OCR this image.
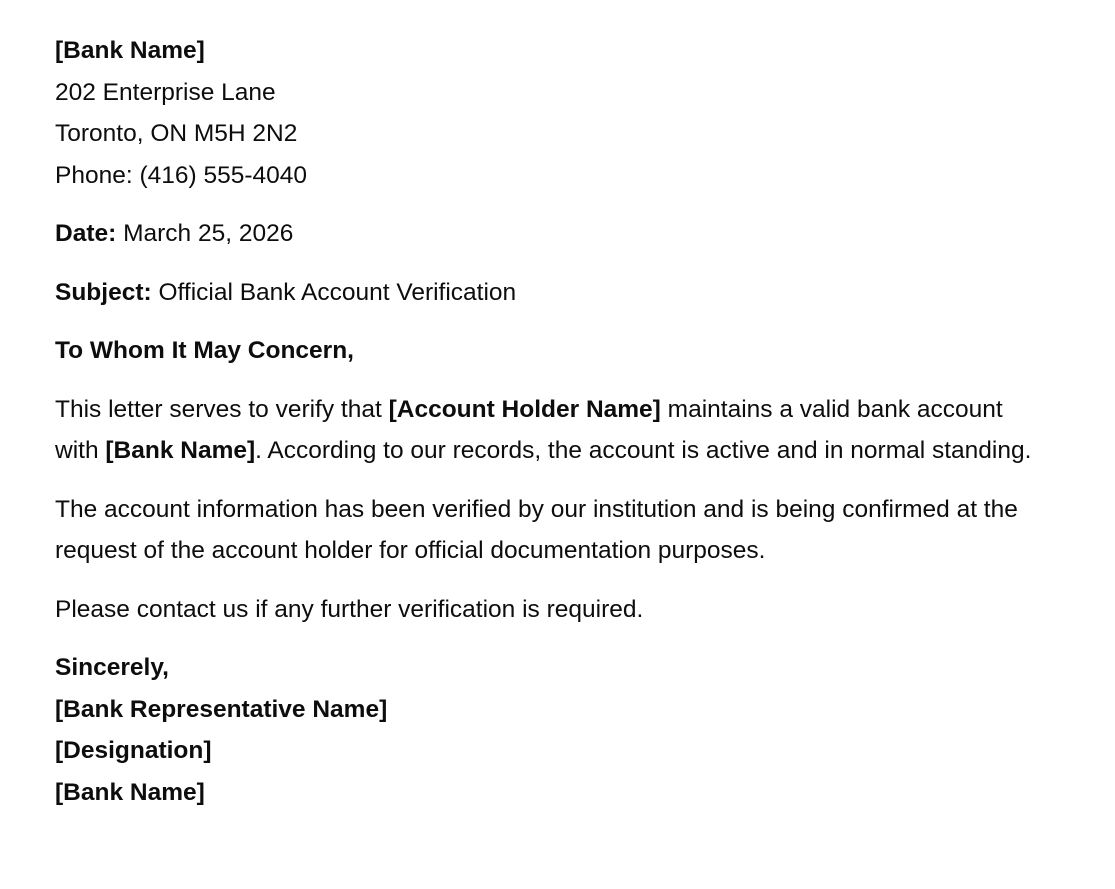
[Bank Name]
202 Enterprise Lane
Toronto, ON M5H 2N2
Phone: (416) 555-4040
Date: March 25, 2026
Subject: Official Bank Account Verification
To Whom It May Concern,
This letter serves to verify that [Account Holder Name] maintains a valid bank account with [Bank Name]. According to our records, the account is active and in normal standing.
The account information has been verified by our institution and is being confirmed at the request of the account holder for official documentation purposes.
Please contact us if any further verification is required.
Sincerely,
[Bank Representative Name]
[Designation]
[Bank Name]
